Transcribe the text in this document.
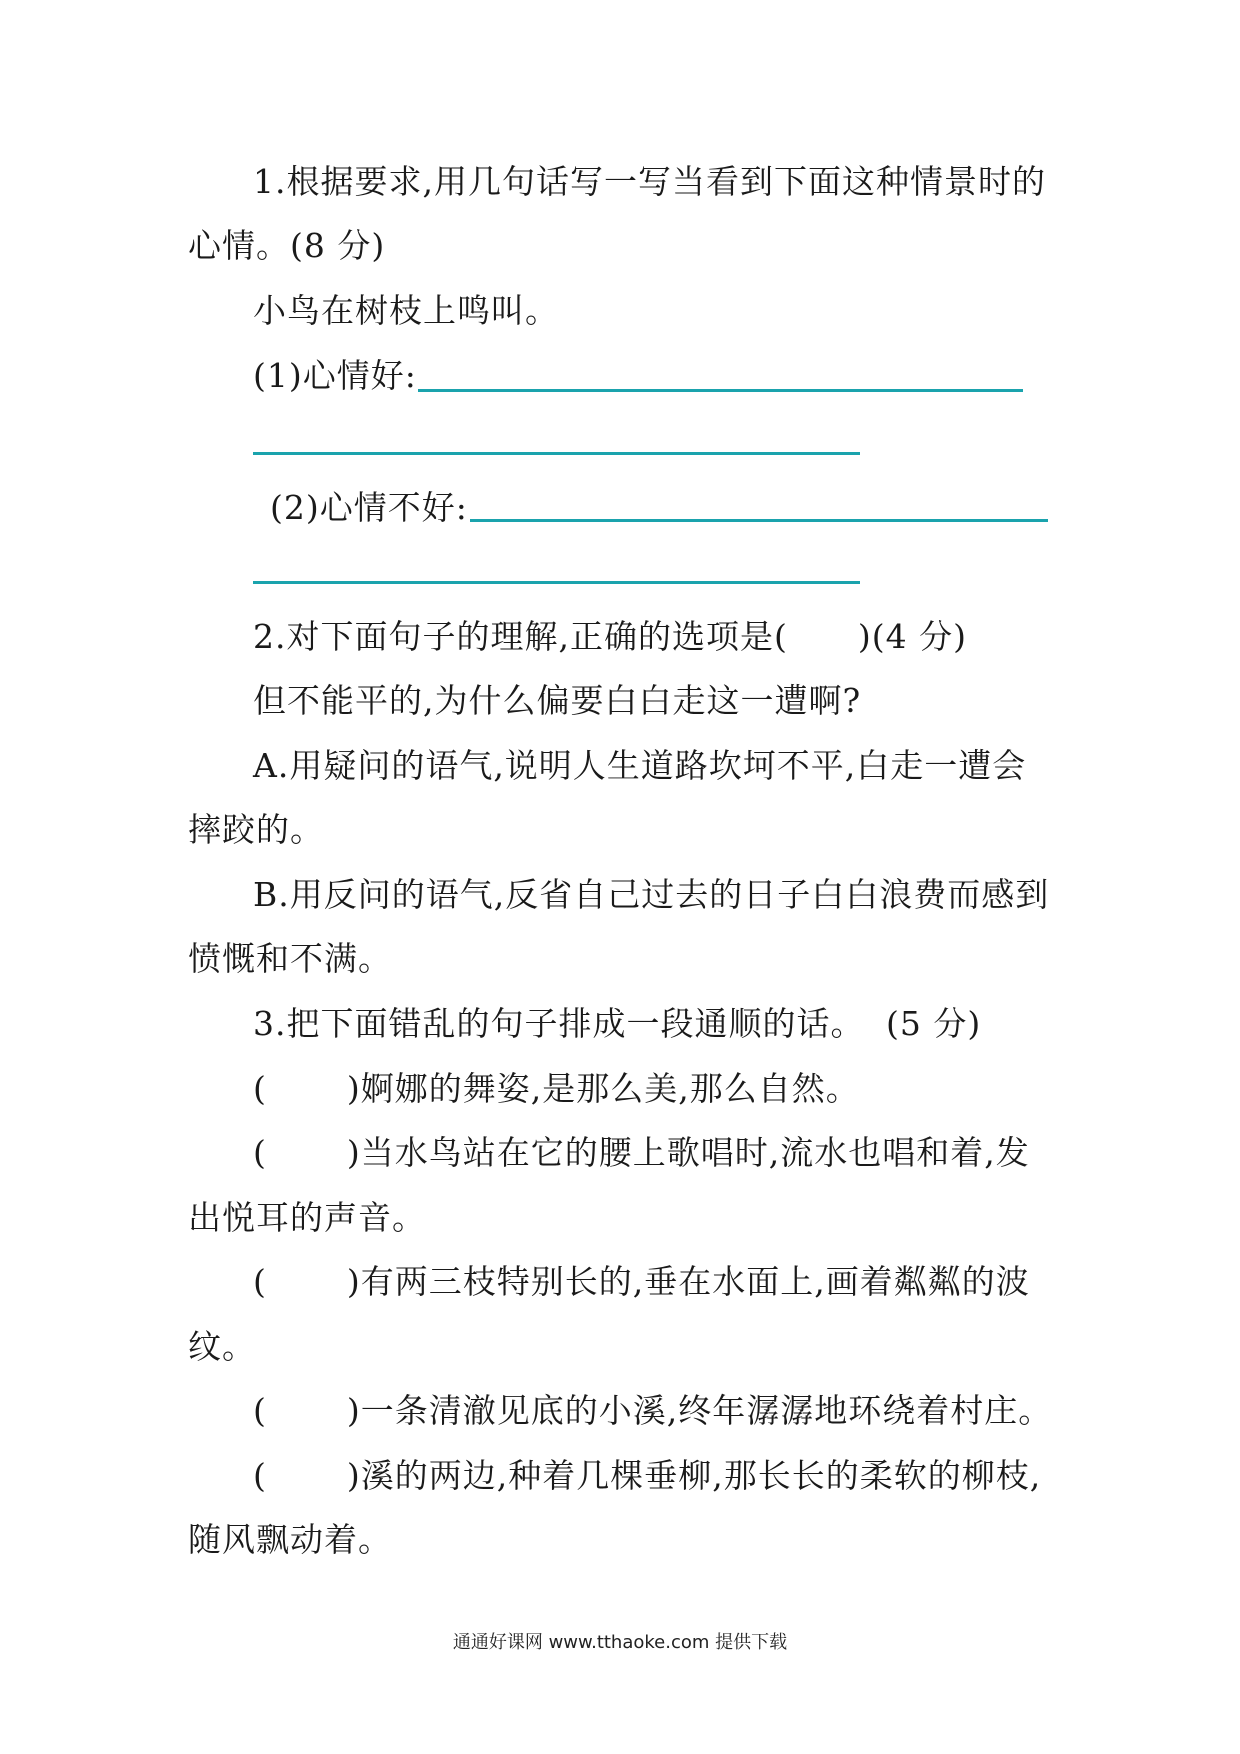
1.根据要求,用几句话写一写当看到下面这种情景时的
心情。(8 分)
小鸟在树枝上鸣叫。
(1)心情好:
(2)心情不好:
2.对下面句子的理解,正确的选项是( )(4 分)
但不能平的,为什么偏要白白走这一遭啊?
A.用疑问的语气,说明人生道路坎坷不平,白走一遭会
摔跤的。
B.用反问的语气,反省自己过去的日子白白浪费而感到
愤慨和不满。
3.把下面错乱的句子排成一段通顺的话。 (5 分)
( )婀娜的舞姿,是那么美,那么自然。
( )当水鸟站在它的腰上歌唱时,流水也唱和着,发
出悦耳的声音。
( )有两三枝特别长的,垂在水面上,画着粼粼的波
纹。
( )一条清澈见底的小溪,终年潺潺地环绕着村庄。
( )溪的两边,种着几棵垂柳,那长长的柔软的柳枝,
随风飘动着。
通通好课网 www.tthaoke.com 提供下载
